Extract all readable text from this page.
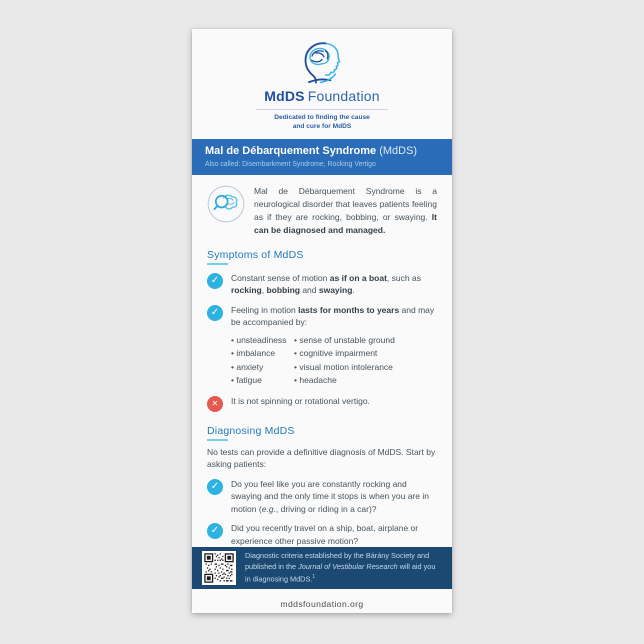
MdDS Foundation
Dedicated to finding the cause
and cure for MdDS
Mal de Débarquement Syndrome (MdDS)
Also called: Disembarkment Syndrome, Rocking Vertigo
Mal de Débarquement Syndrome is a neurological disorder that leaves patients feeling as if they are rocking, bobbing, or swaying. It can be diagnosed and managed.
Symptoms of MdDS
✓	Constant sense of motion as if on a boat, such as rocking, bobbing and swaying.
✓	Feeling in motion lasts for months to years and may be accompanied by:
• unsteadiness
• imbalance
• anxiety
• fatigue
• sense of unstable ground
• cognitive impairment
• visual motion intolerance
• headache
✕	It is not spinning or rotational vertigo.
Diagnosing MdDS
No tests can provide a definitive diagnosis of MdDS. Start by asking patients:
✓	Do you feel like you are constantly rocking and swaying and the only time it stops is when you are in motion (e.g., driving or riding in a car)?
✓	Did you recently travel on a ship, boat, airplane or experience other passive motion?
Diagnostic criteria established by the Bárány Society and published in the Journal of Vestibular Research will aid you in diagnosing MdDS.$^1$
mddsfoundation.org
